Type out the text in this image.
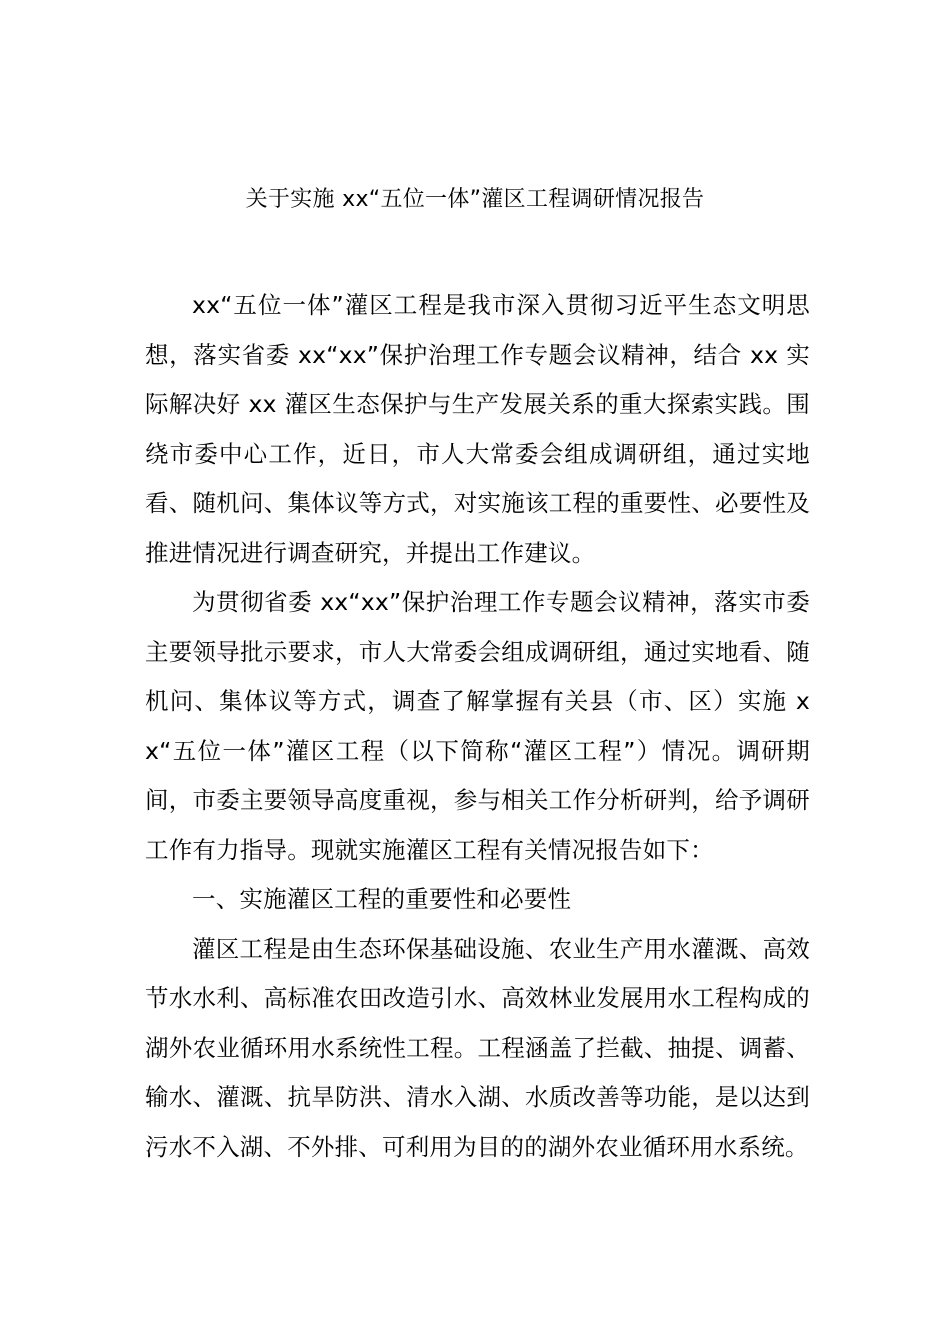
关于实施 xx“五位一体”灌区工程调研情况报告

xx“五位一体”灌区工程是我市深入贯彻习近平生态文明思想，落实省委 xx“xx”保护治理工作专题会议精神，结合 xx 实际解决好 xx 灌区生态保护与生产发展关系的重大探索实践。围绕市委中心工作，近日，市人大常委会组成调研组，通过实地看、随机问、集体议等方式，对实施该工程的重要性、必要性及推进情况进行调查研究，并提出工作建议。

为贯彻省委 xx“xx”保护治理工作专题会议精神，落实市委主要领导批示要求，市人大常委会组成调研组，通过实地看、随机问、集体议等方式，调查了解掌握有关县（市、区）实施 xx“五位一体”灌区工程（以下简称“灌区工程”）情况。调研期间，市委主要领导高度重视，参与相关工作分析研判，给予调研工作有力指导。现就实施灌区工程有关情况报告如下：

一、实施灌区工程的重要性和必要性

灌区工程是由生态环保基础设施、农业生产用水灌溉、高效节水水利、高标准农田改造引水、高效林业发展用水工程构成的湖外农业循环用水系统性工程。工程涵盖了拦截、抽提、调蓄、输水、灌溉、抗旱防洪、清水入湖、水质改善等功能，是以达到污水不入湖、不外排、可利用为目的的湖外农业循环用水系统。
